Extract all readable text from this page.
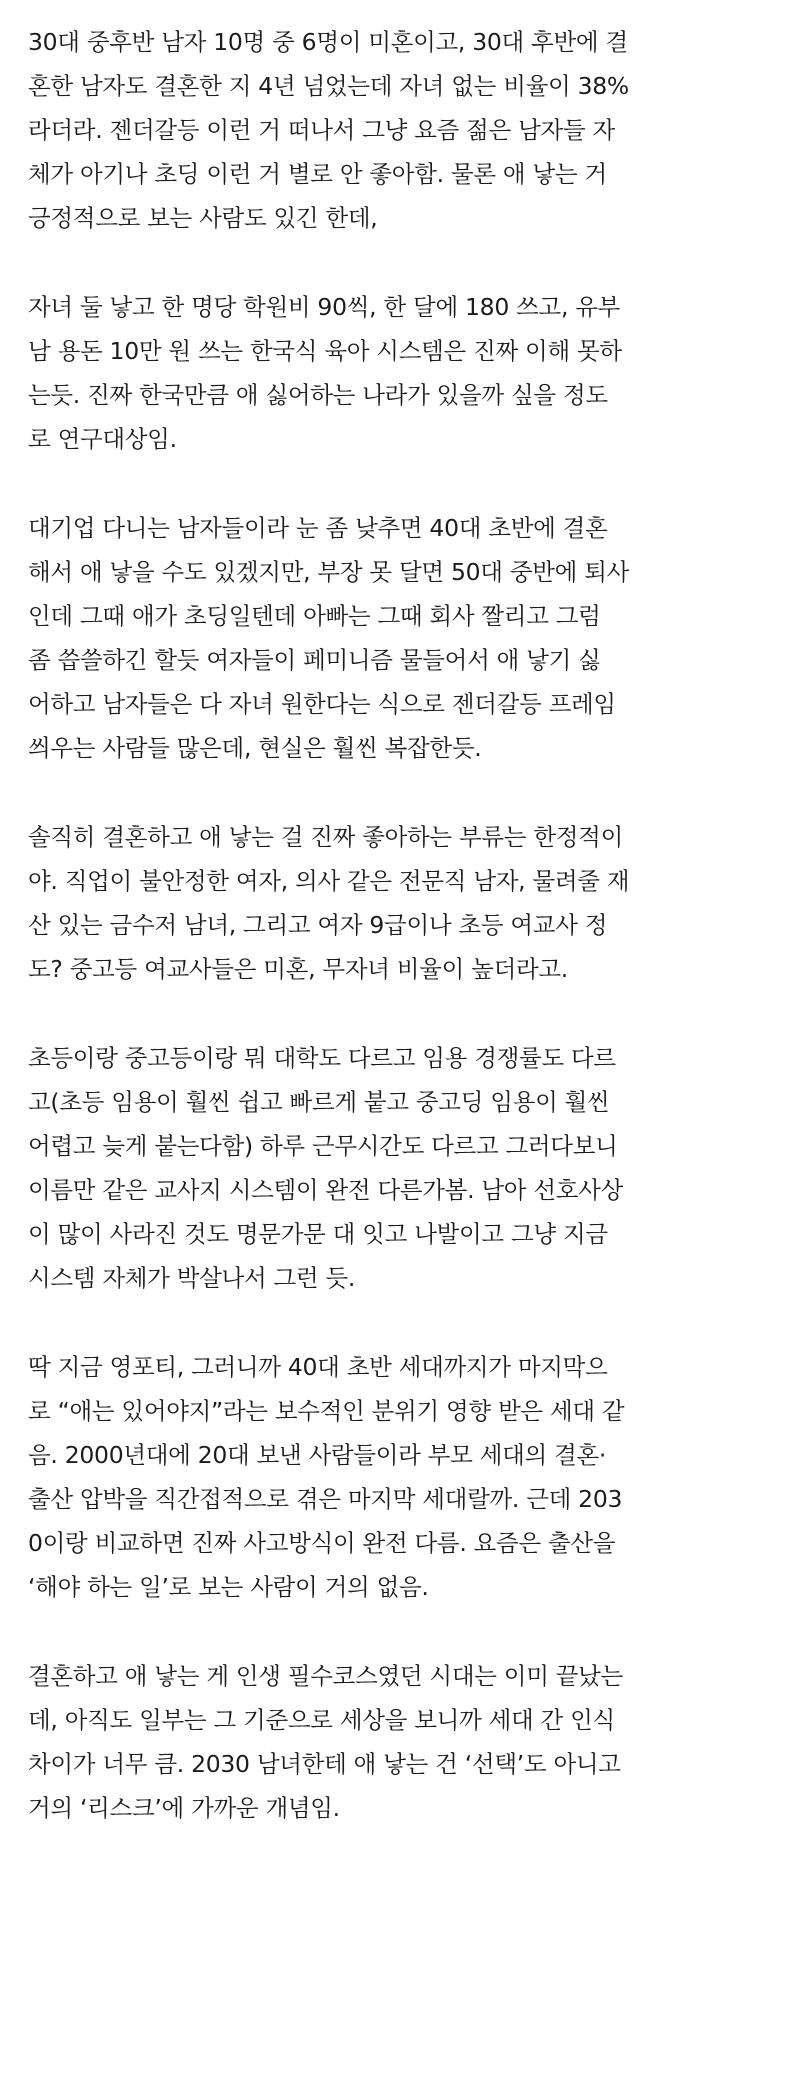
30대 중후반 남자 10명 중 6명이 미혼이고, 30대 후반에 결
혼한 남자도 결혼한 지 4년 넘었는데 자녀 없는 비율이 38%
라더라. 젠더갈등 이런 거 떠나서 그냥 요즘 젊은 남자들 자
체가 아기나 초딩 이런 거 별로 안 좋아함. 물론 애 낳는 거
긍정적으로 보는 사람도 있긴 한데,

자녀 둘 낳고 한 명당 학원비 90씩, 한 달에 180 쓰고, 유부
남 용돈 10만 원 쓰는 한국식 육아 시스템은 진짜 이해 못하
는듯. 진짜 한국만큼 애 싫어하는 나라가 있을까 싶을 정도
로 연구대상임.

대기업 다니는 남자들이라 눈 좀 낮추면 40대 초반에 결혼
해서 애 낳을 수도 있겠지만, 부장 못 달면 50대 중반에 퇴사
인데 그때 애가 초딩일텐데 아빠는 그때 회사 짤리고 그럼
좀 씁쓸하긴 할듯 여자들이 페미니즘 물들어서 애 낳기 싫
어하고 남자들은 다 자녀 원한다는 식으로 젠더갈등 프레임
씌우는 사람들 많은데, 현실은 훨씬 복잡한듯.

솔직히 결혼하고 애 낳는 걸 진짜 좋아하는 부류는 한정적이
야. 직업이 불안정한 여자, 의사 같은 전문직 남자, 물려줄 재
산 있는 금수저 남녀, 그리고 여자 9급이나 초등 여교사 정
도? 중고등 여교사들은 미혼, 무자녀 비율이 높더라고.

초등이랑 중고등이랑 뭐 대학도 다르고 임용 경쟁률도 다르
고(초등 임용이 훨씬 쉽고 빠르게 붙고 중고딩 임용이 훨씬
어렵고 늦게 붙는다함) 하루 근무시간도 다르고 그러다보니
이름만 같은 교사지 시스템이 완전 다른가봄. 남아 선호사상
이 많이 사라진 것도 명문가문 대 잇고 나발이고 그냥 지금
시스템 자체가 박살나서 그런 듯.

딱 지금 영포티, 그러니까 40대 초반 세대까지가 마지막으
로 “애는 있어야지”라는 보수적인 분위기 영향 받은 세대 같
음. 2000년대에 20대 보낸 사람들이라 부모 세대의 결혼·
출산 압박을 직간접적으로 겪은 마지막 세대랄까. 근데 203
0이랑 비교하면 진짜 사고방식이 완전 다름. 요즘은 출산을
‘해야 하는 일’로 보는 사람이 거의 없음.

결혼하고 애 낳는 게 인생 필수코스였던 시대는 이미 끝났는
데, 아직도 일부는 그 기준으로 세상을 보니까 세대 간 인식
차이가 너무 큼. 2030 남녀한테 애 낳는 건 ‘선택’도 아니고
거의 ‘리스크’에 가까운 개념임.
